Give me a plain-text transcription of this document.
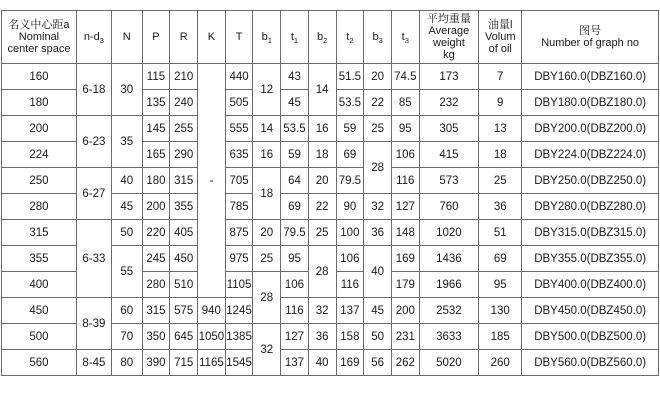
名义中心距a
Nominal
center space	$n-d_3$	N	P	R	K	T	$b_1$	$t_1$	$b_2$	$t_2$	$b_3$	$t_3$	平均重量
Average
weight
kg	油量l
Volum
of oil	图号
Number of graph no

160	6-18	30	115	210	-	440	12	43	14	51.5	20	74.5	173	7	DBY160.0(DBZ160.0)
180			135	240		505		45		53.5	22	85	232	9	DBY180.0(DBZ180.0)
200	6-23	35	145	255		555	14	53.5	16	59	25	95	305	13	DBY200.0(DBZ200.0)
224			165	290		635	16	59	18	69	28	106	415	18	DBY224.0(DBZ224.0)
250	6-27	40	180	315		705	18	64	20	79.5		116	573	25	DBY250.0(DBZ250.0)
280		45	200	355		785		69	22	90	32	127	760	36	DBY280.0(DBZ280.0)
315	6-33	50	220	405		875	20	79.5	25	100	36	148	1020	51	DBY315.0(DBZ315.0)
355		55	245	450		975	25	95	28	106	40	169	1436	69	DBY355.0(DBZ355.0)
400			280	510		1105	28	106		116		179	1966	95	DBY400.0(DBZ400.0)
450	8-39	60	315	575	940	1245		116	32	137	45	200	2532	130	DBY450.0(DBZ450.0)
500		70	350	645	1050	1385	32	127	36	158	50	231	3633	185	DBY500.0(DBZ500.0)
560	8-45	80	390	715	1165	1545		137	40	169	56	262	5020	260	DBY560.0(DBZ560.0)
